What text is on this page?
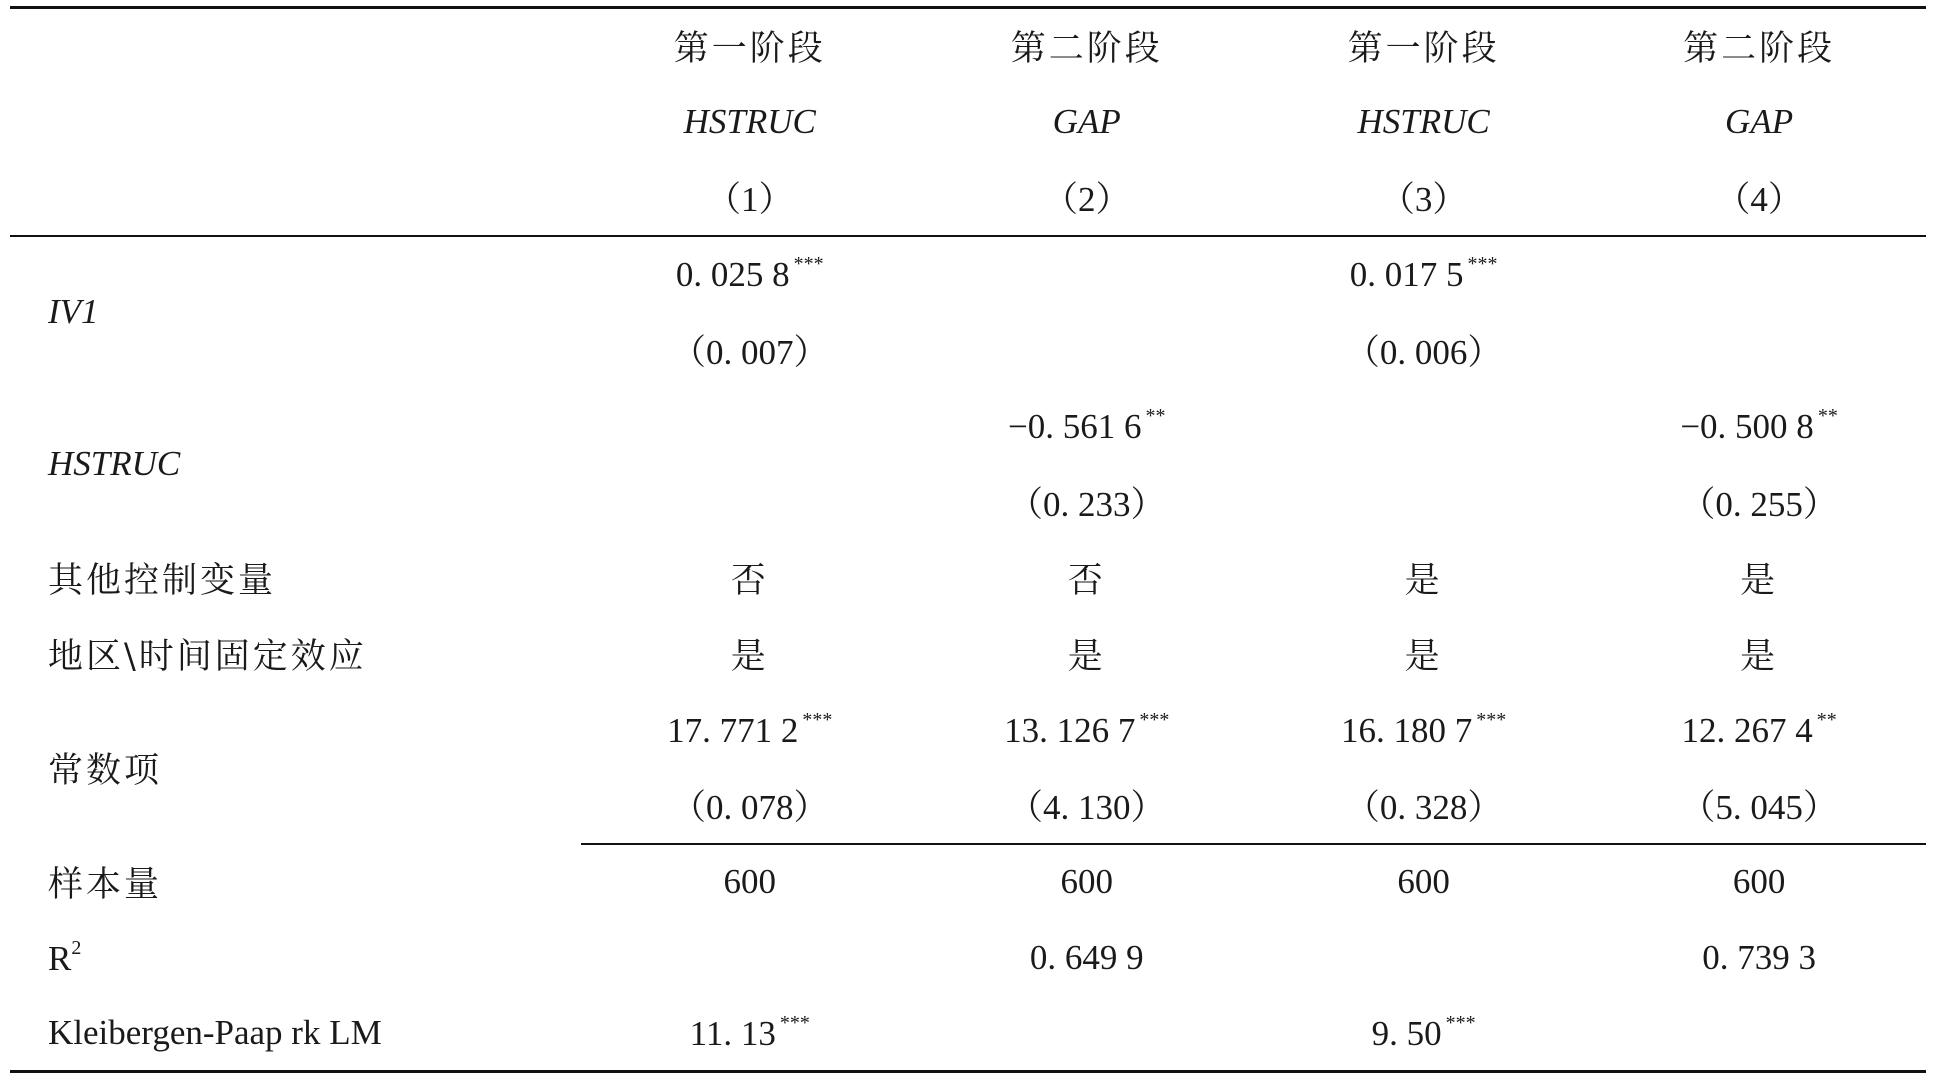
	第一阶段	第二阶段	第一阶段	第二阶段
	HSTRUC	GAP	HSTRUC	GAP
	（1）	（2）	（3）	（4）
IV1	0. 025 8 ***		0. 017 5 ***	
	（0. 007）		（0. 006）	
HSTRUC		−0. 561 6 **		−0. 500 8 **
		（0. 233）		（0. 255）
其他控制变量	否	否	是	是
地区\时间固定效应	是	是	是	是
常数项	17. 771 2 ***	13. 126 7 ***	16. 180 7 ***	12. 267 4 **
	（0. 078）	（4. 130）	（0. 328）	（5. 045）
样本量	600	600	600	600
$R^2$		0. 649 9		0. 739 3
Kleibergen-Paap rk LM	11. 13 ***		9. 50 ***	
